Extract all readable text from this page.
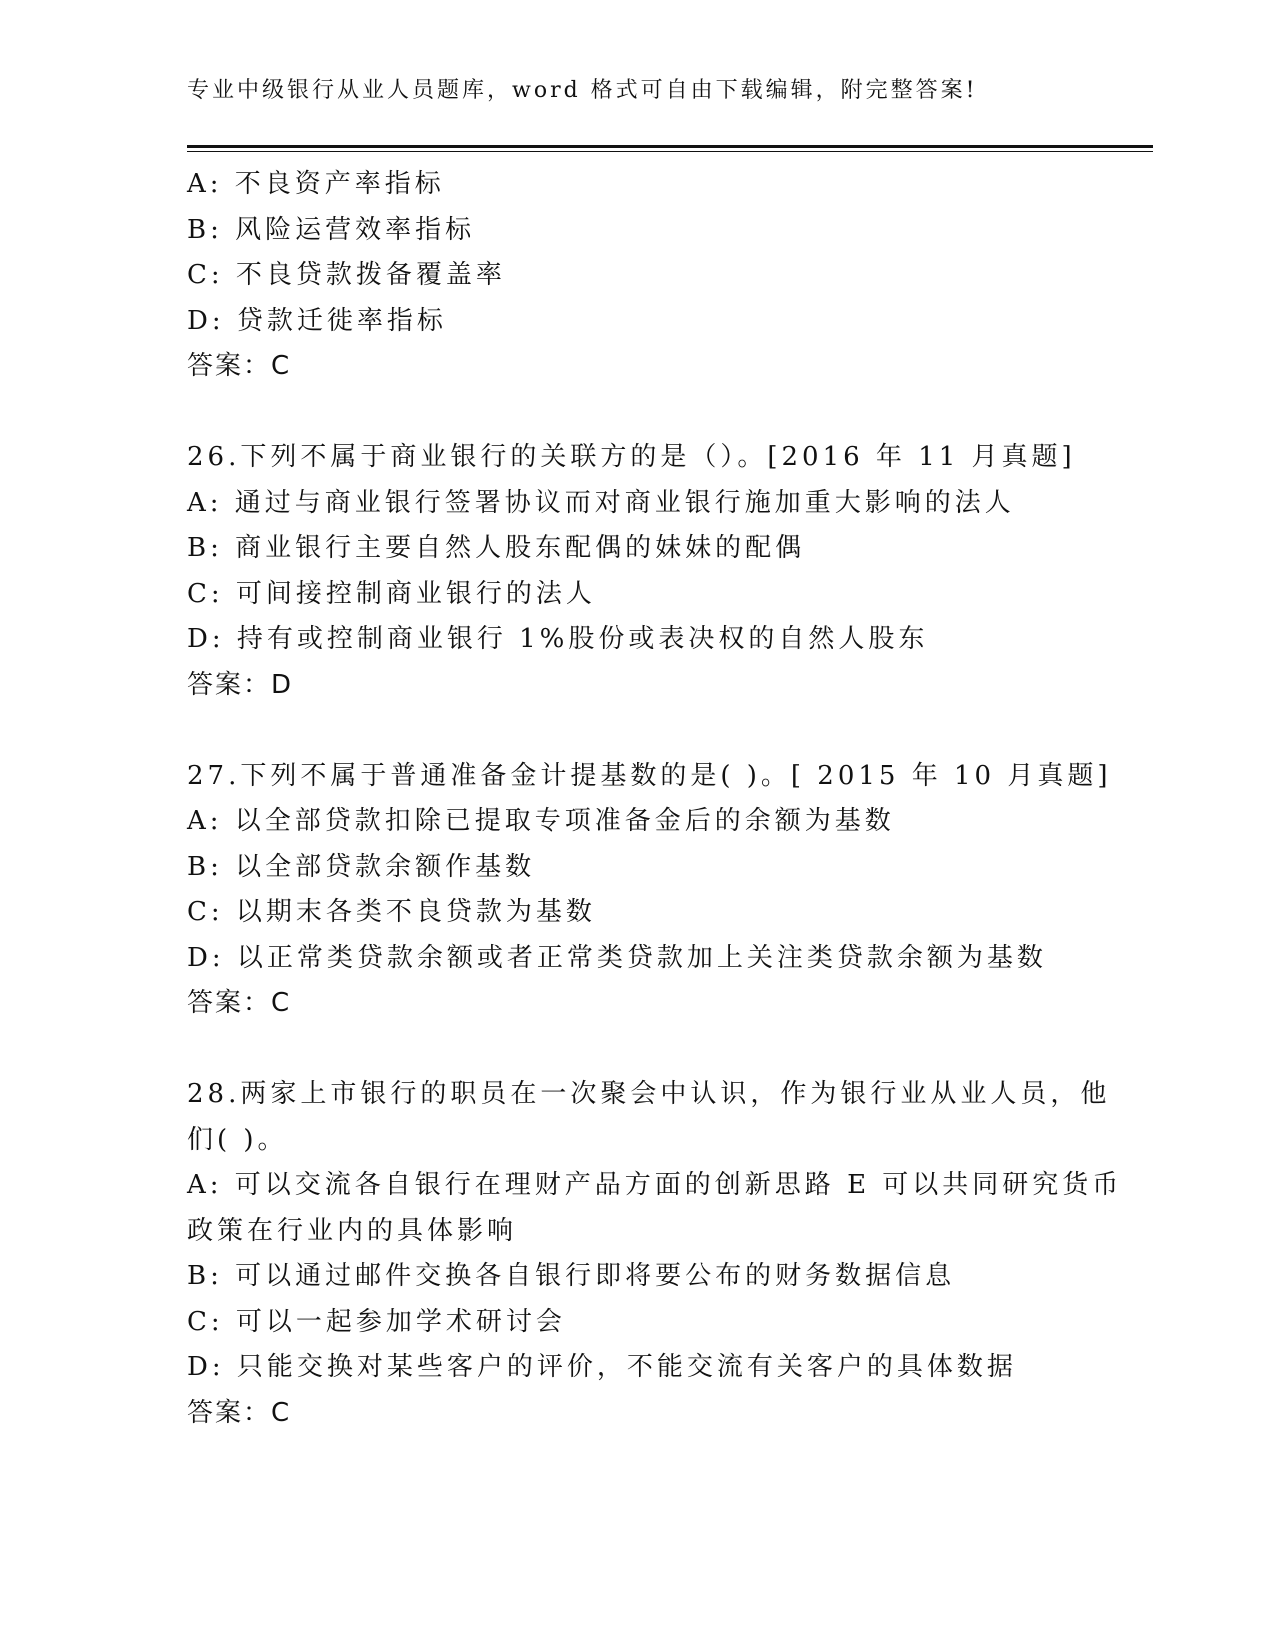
专业中级银行从业人员题库，word 格式可自由下载编辑，附完整答案!
A: 不良资产率指标
B: 风险运营效率指标
C: 不良贷款拨备覆盖率
D: 贷款迁徙率指标
答案：C
26.下列不属于商业银行的关联方的是（）。[2016 年 11 月真题]
A: 通过与商业银行签署协议而对商业银行施加重大影响的法人
B: 商业银行主要自然人股东配偶的妹妹的配偶
C: 可间接控制商业银行的法人
D: 持有或控制商业银行 1%股份或表决权的自然人股东
答案：D
27.下列不属于普通准备金计提基数的是( )。[ 2015 年 10 月真题]
A: 以全部贷款扣除已提取专项准备金后的余额为基数
B: 以全部贷款余额作基数
C: 以期末各类不良贷款为基数
D: 以正常类贷款余额或者正常类贷款加上关注类贷款余额为基数
答案：C
28.两家上市银行的职员在一次聚会中认识，作为银行业从业人员，他
们( )。
A: 可以交流各自银行在理财产品方面的创新思路 E 可以共同研究货币
政策在行业内的具体影响
B: 可以通过邮件交换各自银行即将要公布的财务数据信息
C: 可以一起参加学术研讨会
D: 只能交换对某些客户的评价，不能交流有关客户的具体数据
答案：C
